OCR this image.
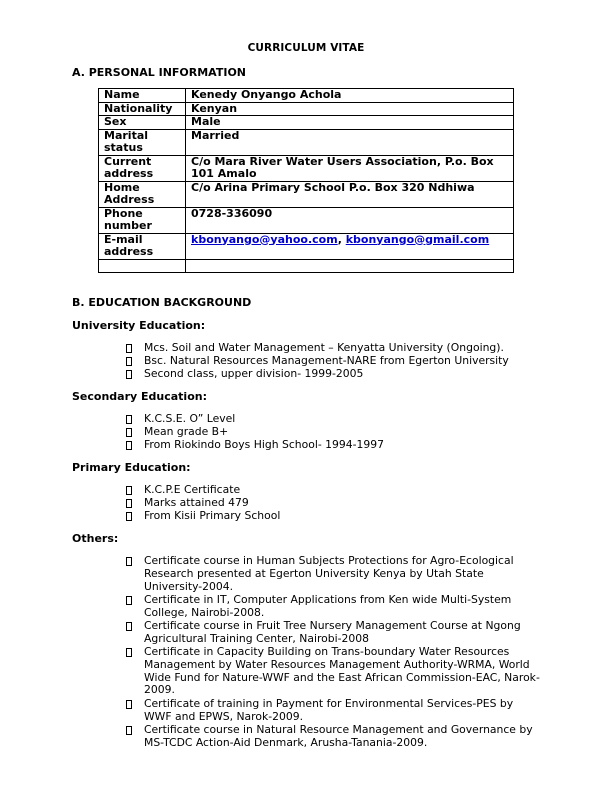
CURRICULUM VITAE
A. PERSONAL INFORMATION
Name	Kenedy Onyango Achola
Nationality	Kenyan
Sex	Male
Marital status	Married
Current address	C/o Mara River Water Users Association, P.o. Box 101 Amalo
Home Address	C/o Arina Primary School P.o. Box 320 Ndhiwa
Phone number	0728-336090
E-mail address	kbonyango@yahoo.com, kbonyango@gmail.com

B. EDUCATION BACKGROUND
University Education:
Mcs. Soil and Water Management – Kenyatta University (Ongoing).
Bsc. Natural Resources Management-NARE from Egerton University
Second class, upper division- 1999-2005
Secondary Education:
K.C.S.E. O” Level
Mean grade B+
From Riokindo Boys High School- 1994-1997
Primary Education:
K.C.P.E Certificate
Marks attained 479
From Kisii Primary School
Others:
Certificate course in Human Subjects Protections for Agro-Ecological Research presented at Egerton University Kenya by Utah State University-2004.
Certificate in IT, Computer Applications from Ken wide Multi-System College, Nairobi-2008.
Certificate course in Fruit Tree Nursery Management Course at Ngong Agricultural Training Center, Nairobi-2008
Certificate in Capacity Building on Trans-boundary Water Resources Management by Water Resources Management Authority-WRMA, World Wide Fund for Nature-WWF and the East African Commission-EAC, Narok-2009.
Certificate of training in Payment for Environmental Services-PES by WWF and EPWS, Narok-2009.
Certificate course in Natural Resource Management and Governance by MS-TCDC Action-Aid Denmark, Arusha-Tanania-2009.
